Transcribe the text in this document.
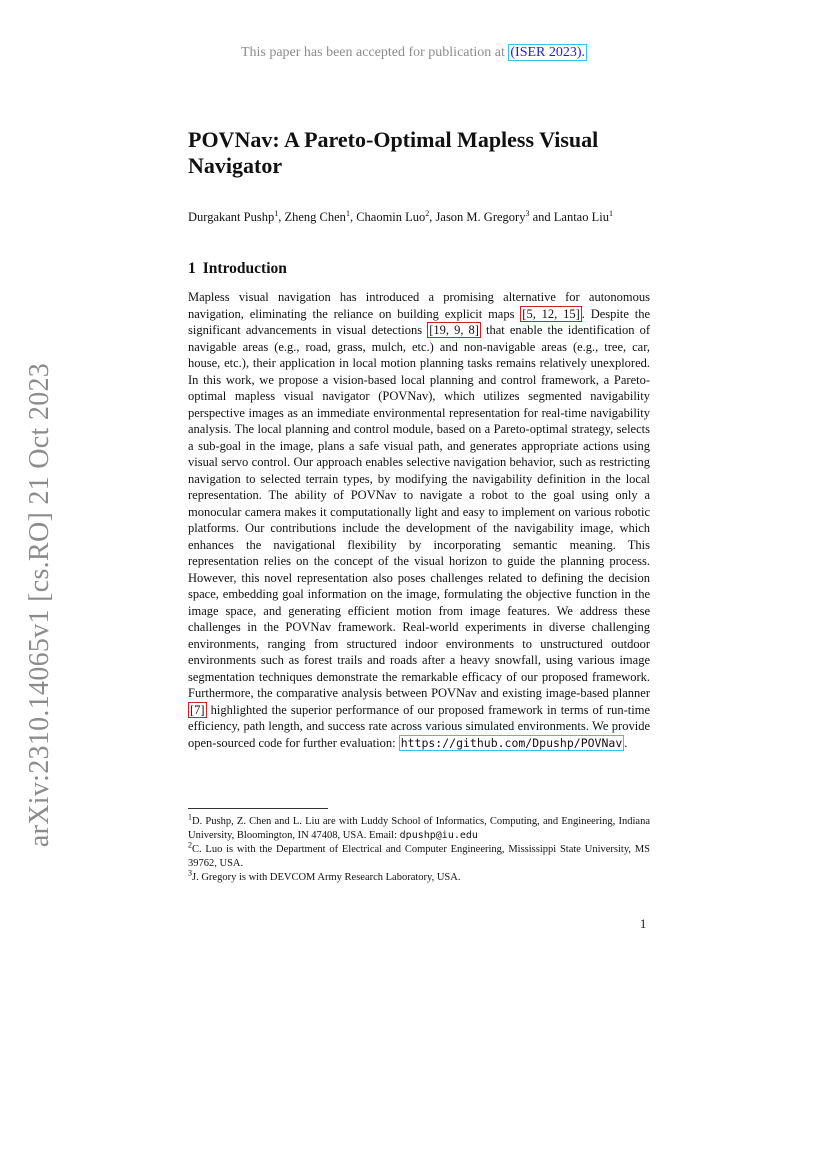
This paper has been accepted for publication at (ISER 2023).
arXiv:2310.14065v1 [cs.RO] 21 Oct 2023
POVNav: A Pareto-Optimal Mapless Visual Navigator
Durgakant Pushp$^1$, Zheng Chen$^1$, Chaomin Luo$^2$, Jason M. Gregory$^3$ and Lantao Liu$^1$
1 Introduction
Mapless visual navigation has introduced a promising alternative for autonomous navigation, eliminating the reliance on building explicit maps [5, 12, 15] . Despite the significant advancements in visual detections [19, 9, 8] that enable the identification of navigable areas (e.g., road, grass, mulch, etc.) and non-navigable areas (e.g., tree, car, house, etc.), their application in local motion planning tasks remains relatively unexplored. In this work, we propose a vision-based local planning and control framework, a Pareto-optimal mapless visual navigator (POVNav), which utilizes segmented navigability perspective images as an immediate environmental representation for real-time navigability analysis. The local planning and control module, based on a Pareto-optimal strategy, selects a sub-goal in the image, plans a safe visual path, and generates appropriate actions using visual servo control. Our approach enables selective navigation behavior, such as restricting navigation to selected terrain types, by modifying the navigability definition in the local representation. The ability of POVNav to navigate a robot to the goal using only a monocular camera makes it computationally light and easy to implement on various robotic platforms. Our contributions include the development of the navigability image, which enhances the navigational flexibility by incorporating semantic meaning. This representation relies on the concept of the visual horizon to guide the planning process. However, this novel representation also poses challenges related to defining the decision space, embedding goal information on the image, formulating the objective function in the image space, and generating efficient motion from image features. We address these challenges in the POVNav framework. Real-world experiments in diverse challenging environments, ranging from structured indoor environments to unstructured outdoor environments such as forest trails and roads after a heavy snowfall, using various image segmentation techniques demonstrate the remarkable efficacy of our proposed framework. Furthermore, the comparative analysis between POVNav and existing image-based planner [7] highlighted the superior performance of our proposed framework in terms of run-time efficiency, path length, and success rate across various simulated environments. We provide open-sourced code for further evaluation: https://github.com/Dpushp/POVNav .

$^1$D. Pushp, Z. Chen and L. Liu are with Luddy School of Informatics, Computing, and Engineering, Indiana University, Bloomington, IN 47408, USA. Email: dpushp@iu.edu

$^2$C. Luo is with the Department of Electrical and Computer Engineering, Mississippi State University, MS 39762, USA.

$^3$J. Gregory is with DEVCOM Army Research Laboratory, USA.

1
